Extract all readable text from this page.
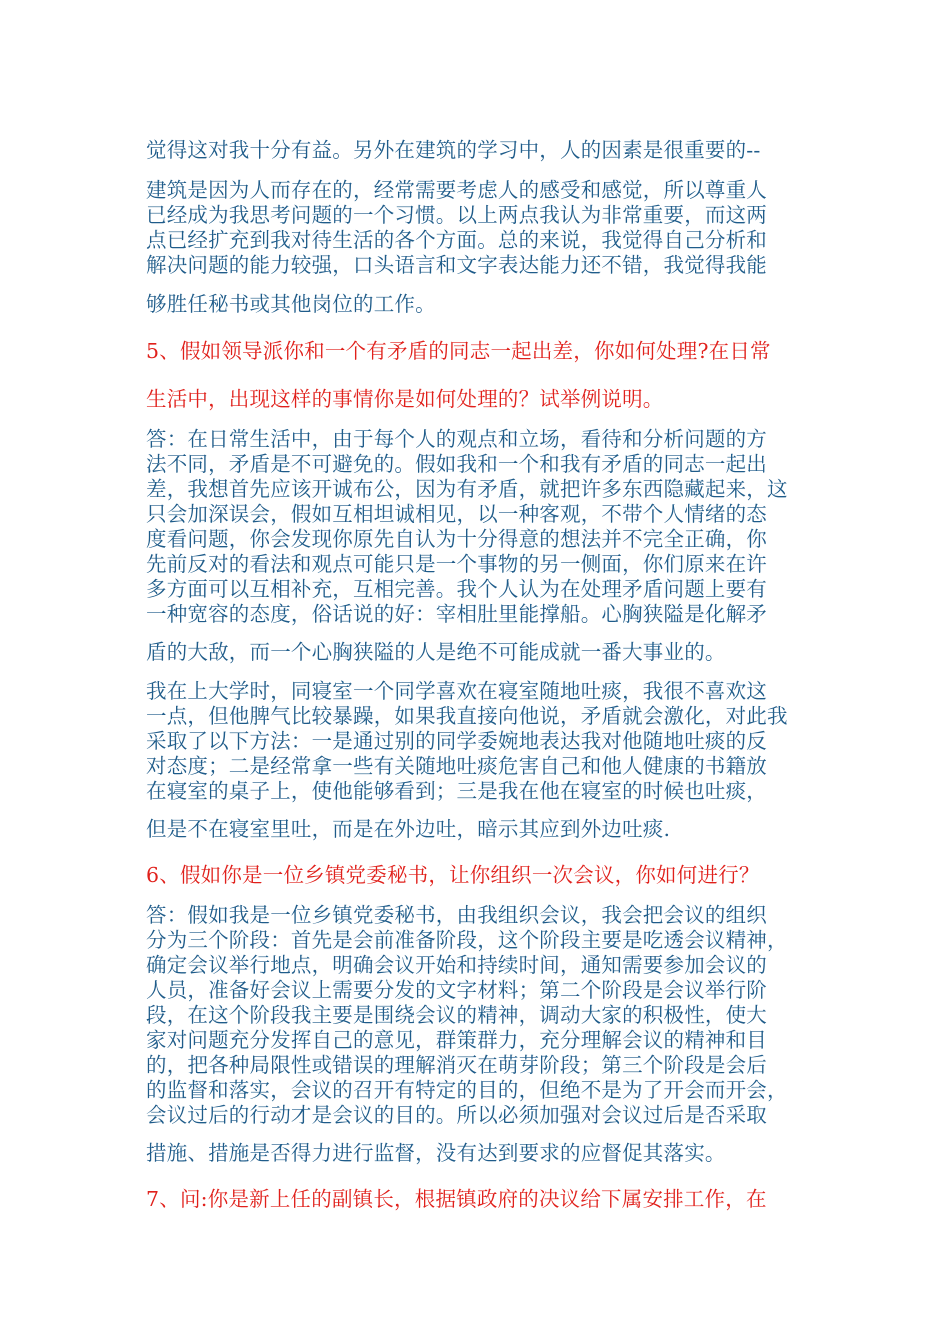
觉得这对我十分有益。另外在建筑的学习中，人的因素是很重要的--
建筑是因为人而存在的，经常需要考虑人的感受和感觉，所以尊重人
已经成为我思考问题的一个习惯。以上两点我认为非常重要，而这两
点已经扩充到我对待生活的各个方面。总的来说，我觉得自己分析和
解决问题的能力较强，口头语言和文字表达能力还不错，我觉得我能
够胜任秘书或其他岗位的工作。
5、假如领导派你和一个有矛盾的同志一起出差，你如何处理?在日常
生活中，出现这样的事情你是如何处理的？试举例说明。
答：在日常生活中，由于每个人的观点和立场，看待和分析问题的方
法不同，矛盾是不可避免的。假如我和一个和我有矛盾的同志一起出
差，我想首先应该开诚布公，因为有矛盾，就把许多东西隐藏起来，这
只会加深误会，假如互相坦诚相见，以一种客观，不带个人情绪的态
度看问题，你会发现你原先自认为十分得意的想法并不完全正确，你
先前反对的看法和观点可能只是一个事物的另一侧面，你们原来在许
多方面可以互相补充，互相完善。我个人认为在处理矛盾问题上要有
一种宽容的态度，俗话说的好：宰相肚里能撑船。心胸狭隘是化解矛
盾的大敌，而一个心胸狭隘的人是绝不可能成就一番大事业的。
我在上大学时，同寝室一个同学喜欢在寝室随地吐痰，我很不喜欢这
一点，但他脾气比较暴躁，如果我直接向他说，矛盾就会激化，对此我
采取了以下方法：一是通过别的同学委婉地表达我对他随地吐痰的反
对态度；二是经常拿一些有关随地吐痰危害自己和他人健康的书籍放
在寝室的桌子上，使他能够看到；三是我在他在寝室的时候也吐痰，
但是不在寝室里吐，而是在外边吐，暗示其应到外边吐痰.
6、假如你是一位乡镇党委秘书，让你组织一次会议，你如何进行？
答：假如我是一位乡镇党委秘书，由我组织会议，我会把会议的组织
分为三个阶段：首先是会前准备阶段，这个阶段主要是吃透会议精神，
确定会议举行地点，明确会议开始和持续时间，通知需要参加会议的
人员，准备好会议上需要分发的文字材料；第二个阶段是会议举行阶
段，在这个阶段我主要是围绕会议的精神，调动大家的积极性，使大
家对问题充分发挥自己的意见，群策群力，充分理解会议的精神和目
的，把各种局限性或错误的理解消灭在萌芽阶段；第三个阶段是会后
的监督和落实，会议的召开有特定的目的，但绝不是为了开会而开会，
会议过后的行动才是会议的目的。所以必须加强对会议过后是否采取
措施、措施是否得力进行监督，没有达到要求的应督促其落实。
7、问:你是新上任的副镇长，根据镇政府的决议给下属安排工作，在
